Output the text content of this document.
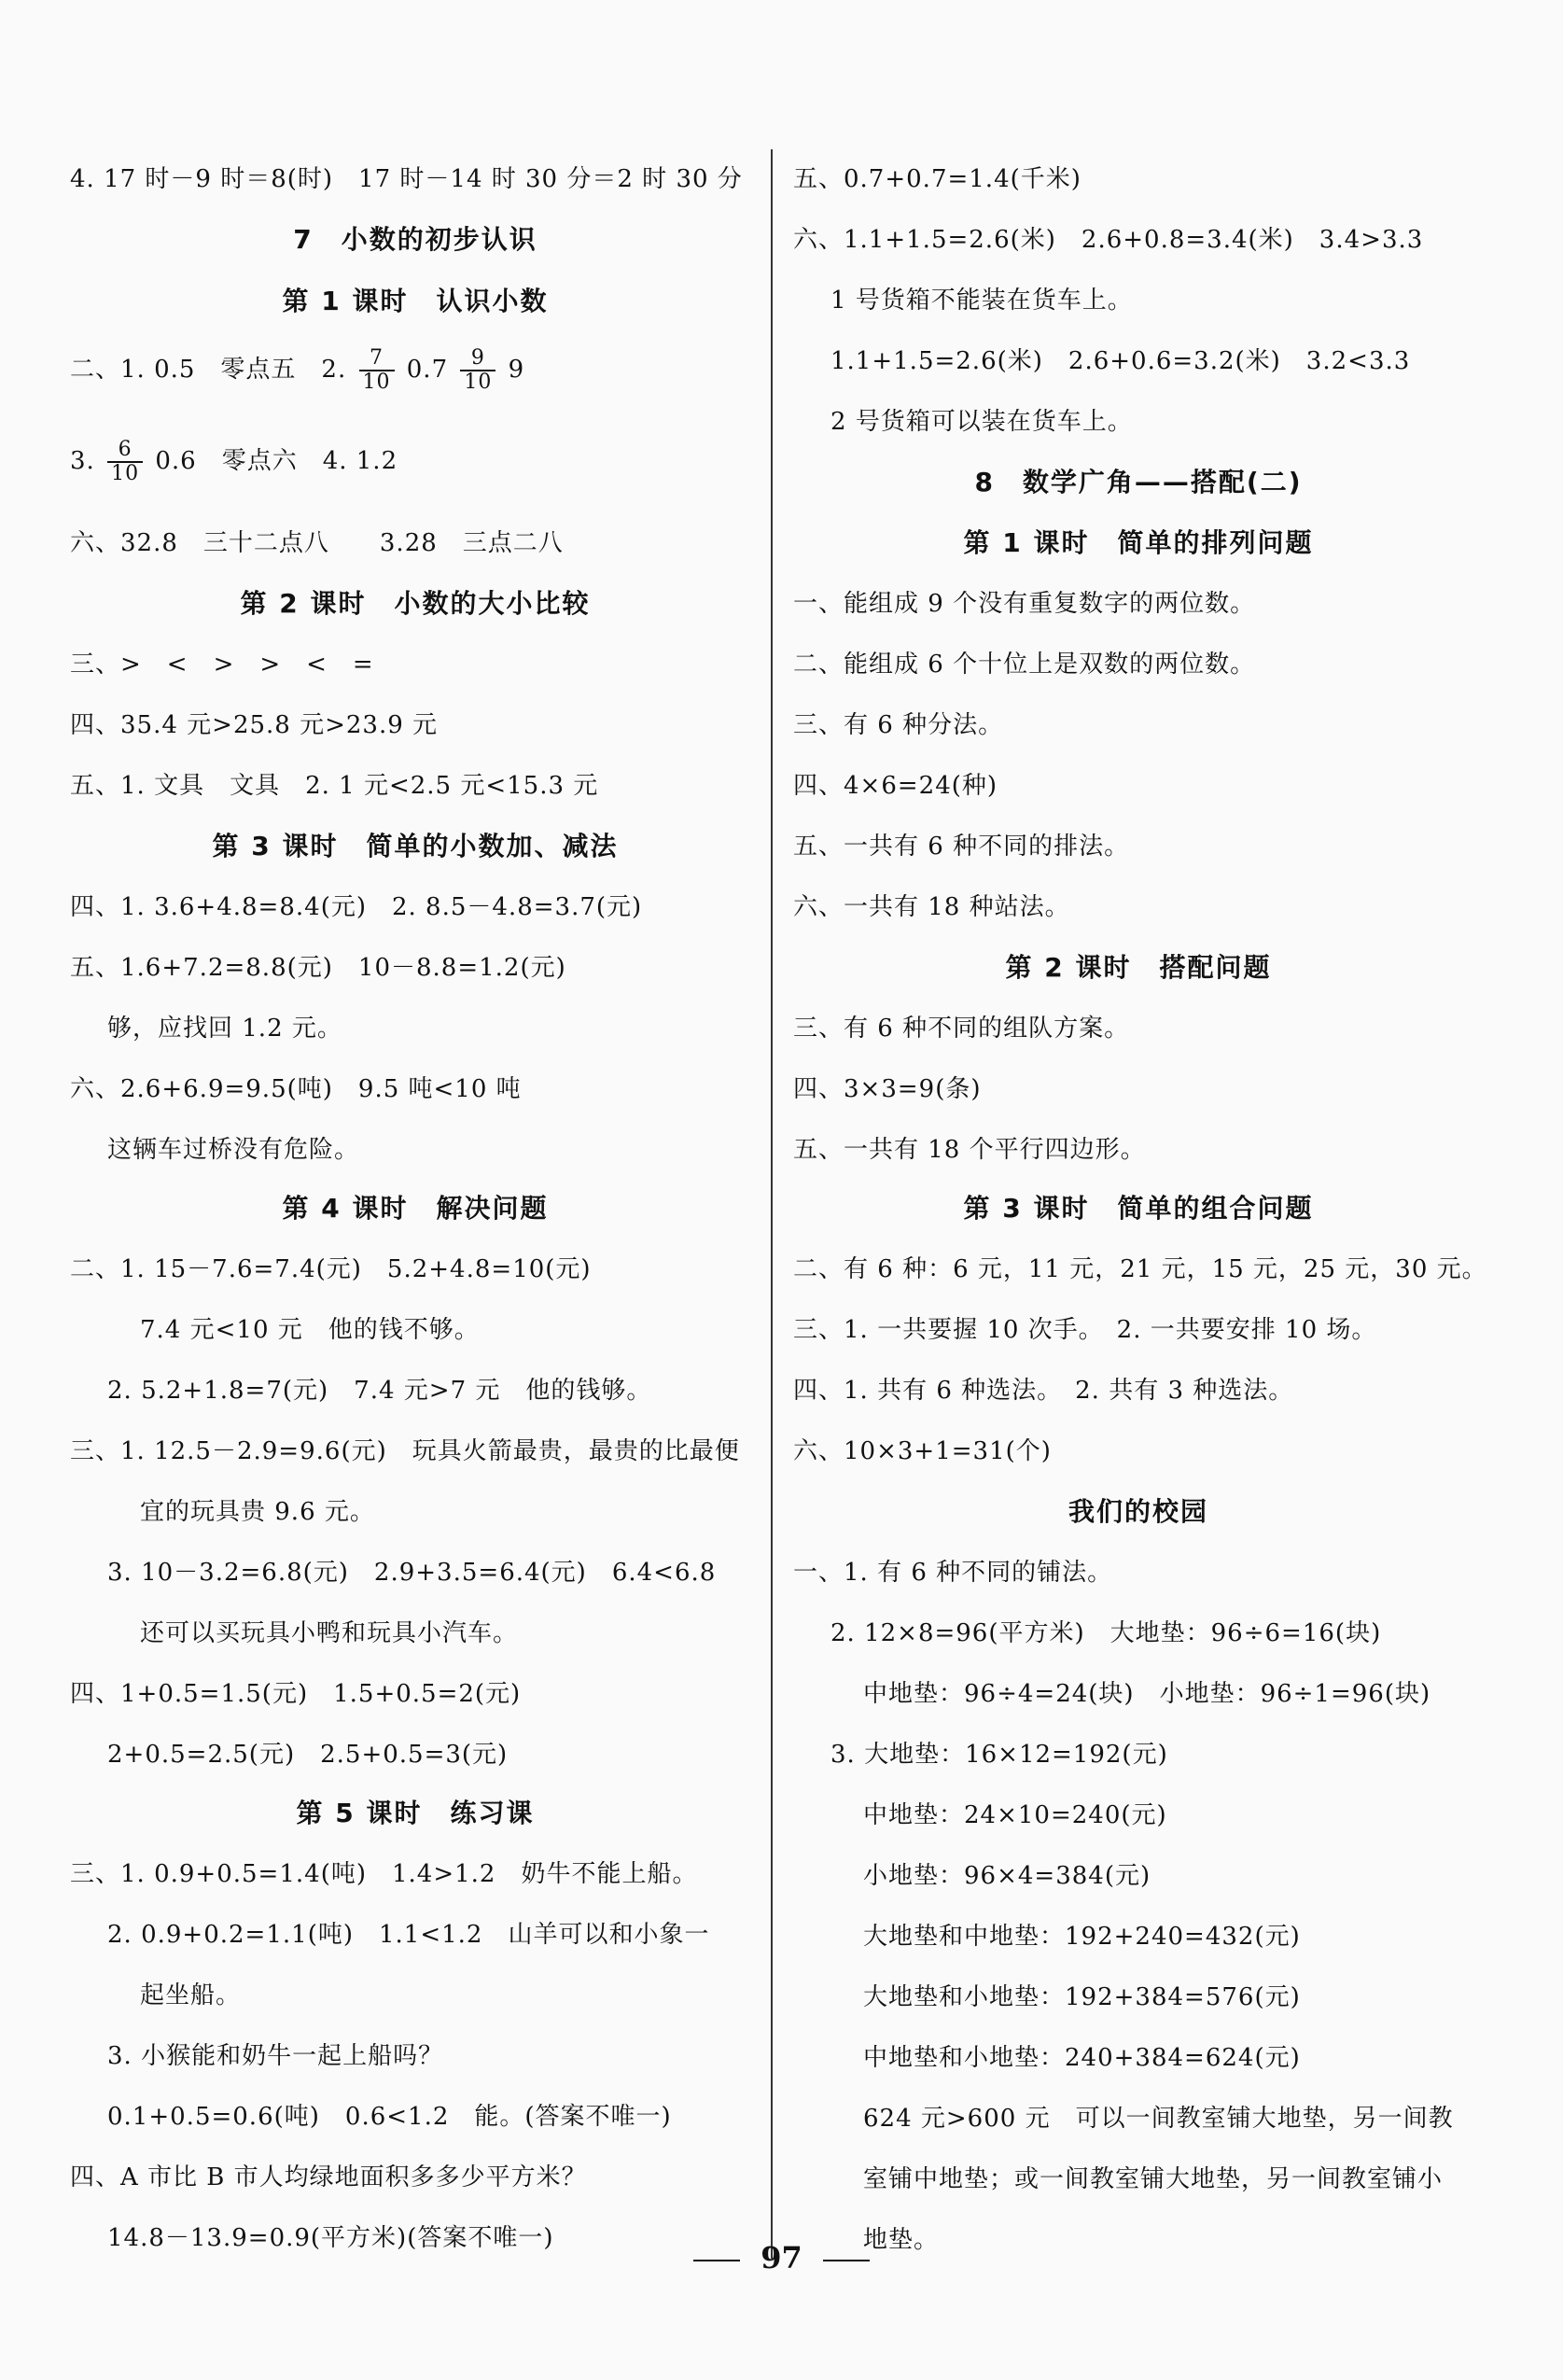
4. 17 时－9 时＝8(时)　17 时－14 时 30 分＝2 时 30 分
7　小数的初步认识
第 1 课时　认识小数
二、1. 0.5　零点五　2. $\frac{7}{10} 0.7 \frac{9}{10} 9$
3. $\frac{6}{10} 0.6$　零点六　4. 1.2
六、32.8　三十二点八　　3.28　三点二八
第 2 课时　小数的大小比较
三、>　<　>　>　<　=
四、35.4 元>25.8 元>23.9 元
五、1. 文具　文具　2. 1 元<2.5 元<15.3 元
第 3 课时　简单的小数加、减法
四、1. 3.6+4.8=8.4(元)　2. 8.5－4.8=3.7(元)
五、1.6+7.2=8.8(元)　10－8.8=1.2(元)
够，应找回 1.2 元。
六、2.6+6.9=9.5(吨)　9.5 吨<10 吨
这辆车过桥没有危险。
第 4 课时　解决问题
二、1. 15－7.6=7.4(元)　5.2+4.8=10(元)
7.4 元<10 元　他的钱不够。
2. 5.2+1.8=7(元)　7.4 元>7 元　他的钱够。
三、1. 12.5－2.9=9.6(元)　玩具火箭最贵，最贵的比最便
宜的玩具贵 9.6 元。
3. 10－3.2=6.8(元)　2.9+3.5=6.4(元)　6.4<6.8
还可以买玩具小鸭和玩具小汽车。
四、1+0.5=1.5(元)　1.5+0.5=2(元)
2+0.5=2.5(元)　2.5+0.5=3(元)
第 5 课时　练习课
三、1. 0.9+0.5=1.4(吨)　1.4>1.2　奶牛不能上船。
2. 0.9+0.2=1.1(吨)　1.1<1.2　山羊可以和小象一
起坐船。
3. 小猴能和奶牛一起上船吗？
0.1+0.5=0.6(吨)　0.6<1.2　能。(答案不唯一)
四、A 市比 B 市人均绿地面积多多少平方米？
14.8－13.9=0.9(平方米)(答案不唯一)
五、0.7+0.7=1.4(千米)
六、1.1+1.5=2.6(米)　2.6+0.8=3.4(米)　3.4>3.3
1 号货箱不能装在货车上。
1.1+1.5=2.6(米)　2.6+0.6=3.2(米)　3.2<3.3
2 号货箱可以装在货车上。
8　数学广角——搭配(二)
第 1 课时　简单的排列问题
一、能组成 9 个没有重复数字的两位数。
二、能组成 6 个十位上是双数的两位数。
三、有 6 种分法。
四、4×6=24(种)
五、一共有 6 种不同的排法。
六、一共有 18 种站法。
第 2 课时　搭配问题
三、有 6 种不同的组队方案。
四、3×3=9(条)
五、一共有 18 个平行四边形。
第 3 课时　简单的组合问题
二、有 6 种：6 元，11 元，21 元，15 元，25 元，30 元。
三、1. 一共要握 10 次手。　2. 一共要安排 10 场。
四、1. 共有 6 种选法。　2. 共有 3 种选法。
六、10×3+1=31(个)
我们的校园
一、1. 有 6 种不同的铺法。
2. 12×8=96(平方米)　大地垫：96÷6=16(块)
中地垫：96÷4=24(块)　小地垫：96÷1=96(块)
3. 大地垫：16×12=192(元)
中地垫：24×10=240(元)
小地垫：96×4=384(元)
大地垫和中地垫：192+240=432(元)
大地垫和小地垫：192+384=576(元)
中地垫和小地垫：240+384=624(元)
624 元>600 元　可以一间教室铺大地垫，另一间教
室铺中地垫；或一间教室铺大地垫，另一间教室铺小
地垫。
97
